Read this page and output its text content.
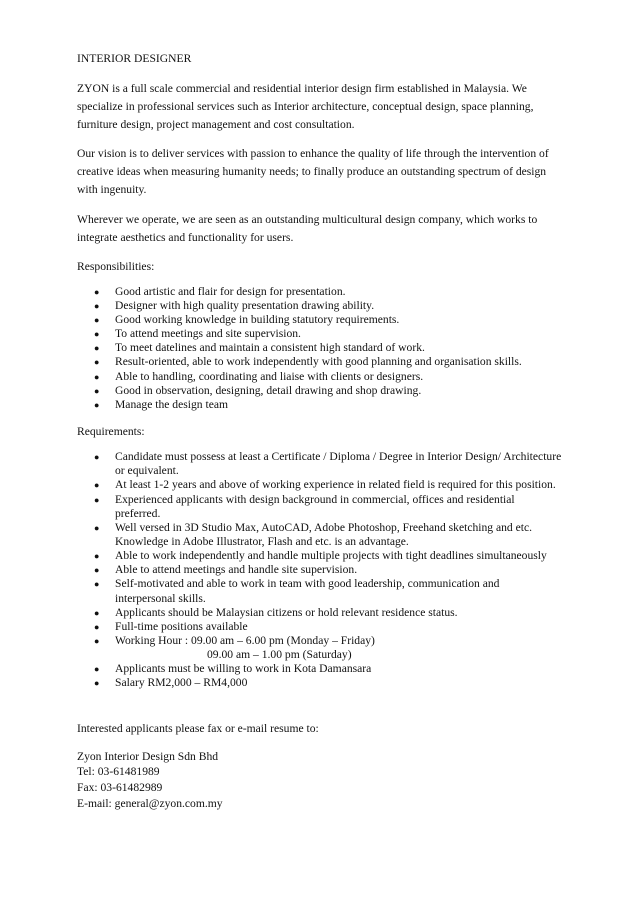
INTERIOR DESIGNER

ZYON is a full scale commercial and residential interior design firm established in Malaysia. We specialize in professional services such as Interior architecture, conceptual design, space planning, furniture design, project management and cost consultation.

Our vision is to deliver services with passion to enhance the quality of life through the intervention of creative ideas when measuring humanity needs; to finally produce an outstanding spectrum of design with ingenuity.

Wherever we operate, we are seen as an outstanding multicultural design company, which works to integrate aesthetics and functionality for users.

Responsibilities:

● Good artistic and flair for design for presentation.
● Designer with high quality presentation drawing ability.
● Good working knowledge in building statutory requirements.
● To attend meetings and site supervision.
● To meet datelines and maintain a consistent high standard of work.
● Result-oriented, able to work independently with good planning and organisation skills.
● Able to handling, coordinating and liaise with clients or designers.
● Good in observation, designing, detail drawing and shop drawing.
● Manage the design team

Requirements:

● Candidate must possess at least a Certificate / Diploma / Degree in Interior Design/ Architecture or equivalent.
● At least 1-2 years and above of working experience in related field is required for this position.
● Experienced applicants with design background in commercial, offices and residential preferred.
● Well versed in 3D Studio Max, AutoCAD, Adobe Photoshop, Freehand sketching and etc. Knowledge in Adobe Illustrator, Flash and etc. is an advantage.
● Able to work independently and handle multiple projects with tight deadlines simultaneously
● Able to attend meetings and handle site supervision.
● Self-motivated and able to work in team with good leadership, communication and interpersonal skills.
● Applicants should be Malaysian citizens or hold relevant residence status.
● Full-time positions available
● Working Hour : 09.00 am – 6.00 pm (Monday – Friday)
09.00 am – 1.00 pm (Saturday)
● Applicants must be willing to work in Kota Damansara
● Salary RM2,000 – RM4,000

Interested applicants please fax or e-mail resume to:

Zyon Interior Design Sdn Bhd
Tel: 03-61481989
Fax: 03-61482989
E-mail: general@zyon.com.my
